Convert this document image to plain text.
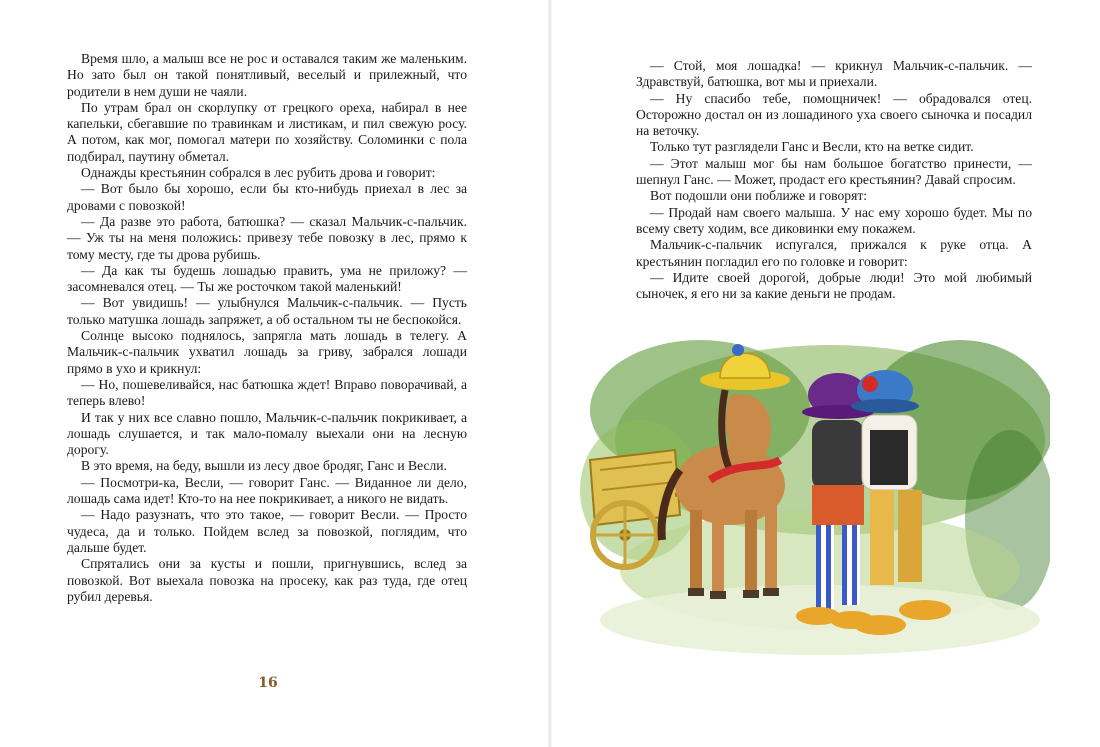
Время шло, а малыш все не рос и оставался таким же маленьким. Но зато был он такой понятливый, веселый и прилежный, что родители в нем души не чаяли.

По утрам брал он скорлупку от грецкого ореха, набирал в нее капельки, сбегавшие по травинкам и листикам, и пил свежую росу. А потом, как мог, помогал матери по хозяйству. Соломинки с пола подбирал, паутину обметал.

Однажды крестьянин собрался в лес рубить дрова и говорит:

— Вот было бы хорошо, если бы кто-нибудь приехал в лес за дровами с повозкой!

— Да разве это работа, батюшка? — сказал Мальчик-с-пальчик. — Уж ты на меня положись: привезу тебе повозку в лес, прямо к тому месту, где ты дрова рубишь.

— Да как ты будешь лошадью править, ума не приложу? — засомневался отец. — Ты же росточком такой маленький!

— Вот увидишь! — улыбнулся Мальчик-с-пальчик. — Пусть только матушка лошадь запряжет, а об остальном ты не беспокойся.

Солнце высоко поднялось, запрягла мать лошадь в телегу. А Мальчик-с-пальчик ухватил лошадь за гриву, забрался лошади прямо в ухо и крикнул:

— Но, пошевеливайся, нас батюшка ждет! Вправо поворачивай, а теперь влево!

И так у них все славно пошло, Мальчик-с-пальчик покрикивает, а лошадь слушается, и так мало-помалу выехали они на лесную дорогу.

В это время, на беду, вышли из лесу двое бродяг, Ганс и Весли.

— Посмотри-ка, Весли, — говорит Ганс. — Виданное ли дело, лошадь сама идет! Кто-то на нее покрикивает, а никого не видать.

— Надо разузнать, что это такое, — говорит Весли. — Просто чудеса, да и только. Пойдем вслед за повозкой, поглядим, что дальше будет.

Спрятались они за кусты и пошли, пригнувшись, вслед за повозкой. Вот выехала повозка на просеку, как раз туда, где отец рубил деревья.

16

— Стой, моя лошадка! — крикнул Мальчик-с-пальчик. — Здравствуй, батюшка, вот мы и приехали.

— Ну спасибо тебе, помощничек! — обрадовался отец. Осторожно достал он из лошадиного уха своего сыночка и посадил на веточку.

Только тут разглядели Ганс и Весли, кто на ветке сидит.

— Этот малыш мог бы нам большое богатство принести, — шепнул Ганс. — Может, продаст его крестьянин? Давай спросим.

Вот подошли они поближе и говорят:

— Продай нам своего малыша. У нас ему хорошо будет. Мы по всему свету ходим, все диковинки ему покажем.

Мальчик-с-пальчик испугался, прижался к руке отца. А крестьянин погладил его по головке и говорит:

— Идите своей дорогой, добрые люди! Это мой любимый сыночек, я его ни за какие деньги не продам.
